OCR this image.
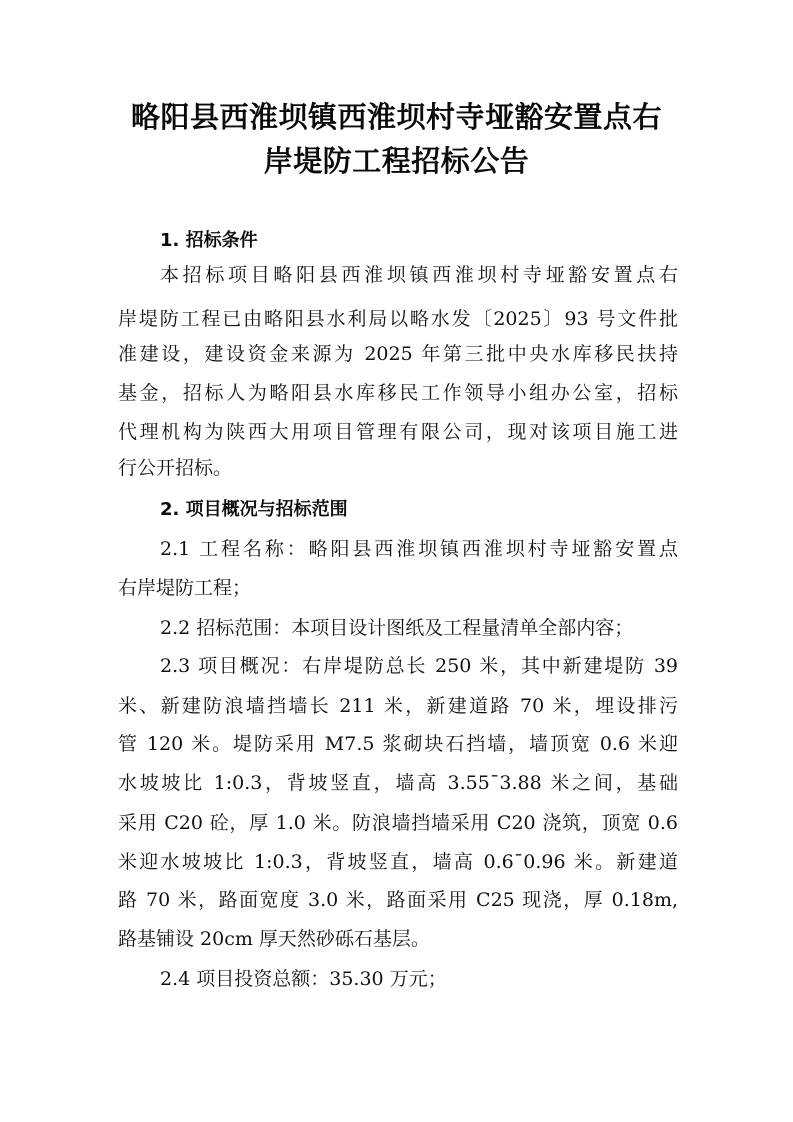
略阳县西淮坝镇西淮坝村寺垭豁安置点右
岸堤防工程招标公告
1. 招标条件
本招标项目略阳县西淮坝镇西淮坝村寺垭豁安置点右
岸堤防工程已由略阳县水利局以略水发〔2025〕93 号文件批
准建设，建设资金来源为 2025 年第三批中央水库移民扶持
基金，招标人为略阳县水库移民工作领导小组办公室，招标
代理机构为陕西大用项目管理有限公司，现对该项目施工进
行公开招标。
2. 项目概况与招标范围
2.1 工程名称：略阳县西淮坝镇西淮坝村寺垭豁安置点
右岸堤防工程；
2.2 招标范围：本项目设计图纸及工程量清单全部内容；
2.3 项目概况：右岸堤防总长 250 米，其中新建堤防 39
米、新建防浪墙挡墙长 211 米，新建道路 70 米，埋设排污
管 120 米。堤防采用 M7.5 浆砌块石挡墙，墙顶宽 0.6 米迎
水坡坡比 1:0.3，背坡竖直，墙高 3.55¯3.88 米之间，基础
采用 C20 砼，厚 1.0 米。防浪墙挡墙采用 C20 浇筑，顶宽 0.6
米迎水坡坡比 1:0.3，背坡竖直，墙高 0.6¯0.96 米。新建道
路 70 米，路面宽度 3.0 米，路面采用 C25 现浇，厚 0.18m,
路基铺设 20cm 厚天然砂砾石基层。
2.4 项目投资总额：35.30 万元；
